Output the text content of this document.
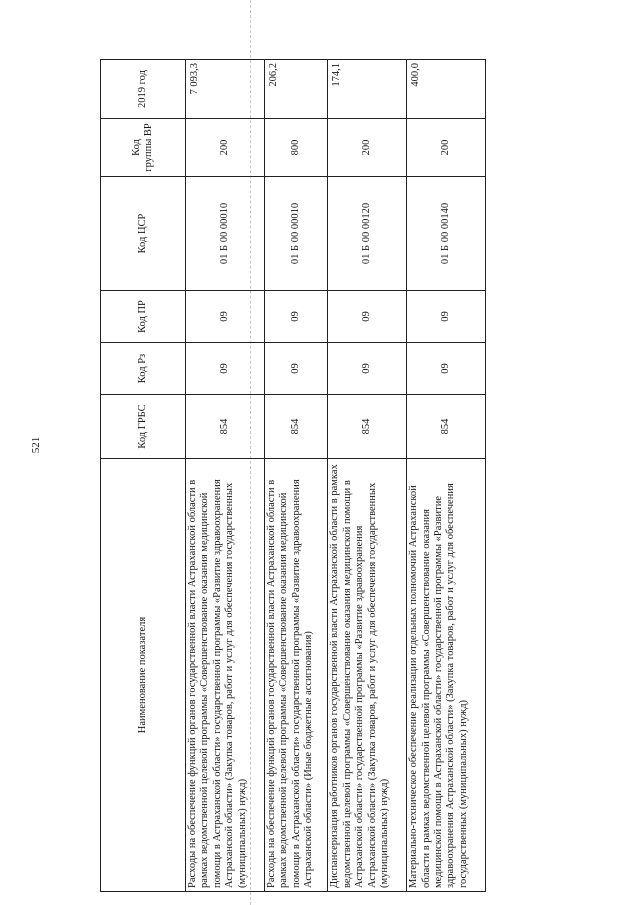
521
Наименование показателя	Код ГРБС	Код Рз	Код ПР	Код ЦСР	Код группы ВР	2019 год
Расходы на обеспечение функций органов государственной власти Астраханской области в рамках ведомственной целевой программы «Совершенствование оказания медицинской помощи в Астраханской области» государственной программы «Развитие здравоохранения Астраханской области» (Закупка товаров, работ и услуг для обеспечения государственных (муниципальных) нужд)	854	09	09	01 Б 00 00010	200	7 093,3
Расходы на обеспечение функций органов государственной власти Астраханской области в рамках ведомственной целевой программы «Совершенствование оказания медицинской помощи в Астраханской области» государственной программы «Развитие здравоохранения Астраханской области» (Иные бюджетные ассигнования)	854	09	09	01 Б 00 00010	800	206,2
Диспансеризация работников органов государственной власти Астраханской области в рамках ведомственной целевой программы «Совершенствование оказания медицинской помощи в Астраханской области» государственной программы «Развитие здравоохранения Астраханской области» (Закупка товаров, работ и услуг для обеспечения государственных (муниципальных) нужд)	854	09	09	01 Б 00 00120	200	174,1
Материально-техническое обеспечение реализации отдельных полномочий Астраханской области в рамках ведомственной целевой программы «Совершенствование оказания медицинской помощи в Астраханской области» государственной программы «Развитие здравоохранения Астраханской области» (Закупка товаров, работ и услуг для обеспечения государственных (муниципальных) нужд)	854	09	09	01 Б 00 00140	200	400,0
